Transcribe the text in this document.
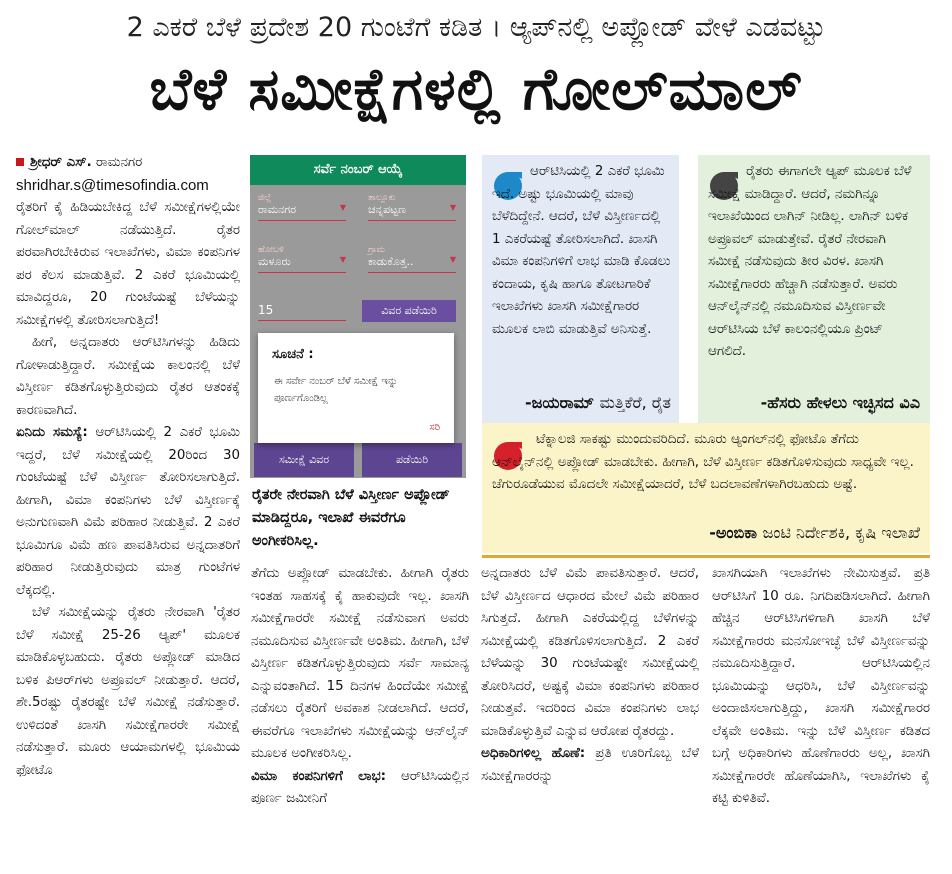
2 ಎಕರೆ ಬೆಳೆ ಪ್ರದೇಶ 20 ಗುಂಟೆಗೆ ಕಡಿತ । ಆ್ಯಪ್‌ನಲ್ಲಿ ಅಪ್ಲೋಡ್ ವೇಳೆ ಎಡವಟ್ಟು
ಬೆಳೆ ಸಮೀಕ್ಷೆಗಳಲ್ಲಿ ಗೋಲ್‌ಮಾಲ್

ಶ್ರೀಧರ್ ಎಸ್. ರಾಮನಗರ

shridhar.s@timesofindia.com

ರೈತರಿಗೆ ಕೈ ಹಿಡಿಯಬೇಕಿದ್ದ ಬೆಳೆ ಸಮೀಕ್ಷೆಗಳಲ್ಲಿಯೇ ಗೋಲ್‌ಮಾಲ್ ನಡೆಯುತ್ತಿದೆ. ರೈತರ ಪರವಾಗಿರಬೇಕಿರುವ ಇಲಾಖೆಗಳು, ವಿಮಾ ಕಂಪನಿಗಳ ಪರ ಕೆಲಸ ಮಾಡುತ್ತಿವೆ. 2 ಎಕರೆ ಭೂಮಿಯಲ್ಲಿ ಮಾವಿದ್ದರೂ, 20 ಗುಂಟೆಯಷ್ಟೆ ಬೆಳೆಯನ್ನು ಸಮೀಕ್ಷೆಗಳಲ್ಲಿ ತೋರಿಸಲಾಗುತ್ತಿದೆ!

ಹೀಗೆ, ಅನ್ನದಾತರು ಆರ್‌ಟಿಸಿಗಳನ್ನು ಹಿಡಿದು ಗೋಳಾಡುತ್ತಿದ್ದಾರೆ. ಸಮೀಕ್ಷೆಯ ಕಾಲಂನಲ್ಲಿ ಬೆಳೆ ವಿಸ್ತೀರ್ಣ ಕಡಿತಗೊಳ್ಳುತ್ತಿರುವುದು ರೈತರ ಆತಂಕಕ್ಕೆ ಕಾರಣವಾಗಿದೆ.

ಏನಿದು ಸಮಸ್ಯೆ: ಆರ್‌ಟಿಸಿಯಲ್ಲಿ 2 ಎಕರೆ ಭೂಮಿ ಇದ್ದರೆ, ಬೆಳೆ ಸಮೀಕ್ಷೆಯಲ್ಲಿ 20ರಿಂದ 30 ಗುಂಟೆಯಷ್ಟೆ ಬೆಳೆ ವಿಸ್ತೀರ್ಣ ತೋರಿಸಲಾಗುತ್ತಿದೆ. ಹೀಗಾಗಿ, ವಿಮಾ ಕಂಪನಿಗಳು ಬೆಳೆ ವಿಸ್ತೀರ್ಣಕ್ಕೆ ಅನುಗುಣವಾಗಿ ವಿಮೆ ಪರಿಹಾರ ನೀಡುತ್ತಿವೆ. 2 ಎಕರೆ ಭೂಮಿಗೂ ವಿಮೆ ಹಣ ಪಾವತಿಸಿರುವ ಅನ್ನದಾತರಿಗೆ ಪರಿಹಾರ ನೀಡುತ್ತಿರುವುದು ಮಾತ್ರ ಗುಂಟೆಗಳ ಲೆಕ್ಕದಲ್ಲಿ.

ಬೆಳೆ ಸಮೀಕ್ಷೆಯನ್ನು ರೈತರು ನೇರವಾಗಿ 'ರೈತರ ಬೆಳೆ ಸಮೀಕ್ಷೆ 25-26 ಆ್ಯಪ್' ಮೂಲಕ ಮಾಡಿಕೊಳ್ಳಬಹುದು. ರೈತರು ಅಪ್ಲೋಡ್ ಮಾಡಿದ ಬಳಿಕ ಪಿಆರ್‌ಗಳು ಅಪ್ರೂವಲ್ ನೀಡುತ್ತಾರೆ. ಆದರೆ, ಶೇ.5ರಷ್ಟು ರೈತರಷ್ಟೇ ಬೆಳೆ ಸಮೀಕ್ಷೆ ನಡೆಸುತ್ತಾರೆ. ಉಳಿದಂತೆ ಖಾಸಗಿ ಸಮೀಕ್ಷೆಗಾರರೇ ಸಮೀಕ್ಷೆ ನಡೆಸುತ್ತಾರೆ. ಮೂರು ಆಯಾಮಗಳಲ್ಲಿ ಭೂಮಿಯ ಫೋಟೊ

ಸರ್ವೆ ನಂಬರ್ ಆಯ್ಕೆ
ಜಿಲ್ಲೆ
ರಾಮನಗರ	▼
ತಾಲ್ಲೂಕು
ಚನ್ನಪಟ್ಟಣ	▼
ಹೋಬಳಿ
ಮಳೂರು	▼
ಗ್ರಾಮ
ಕಾಡುಕೊತ್ತ..	▼
15	ವಿವರ ಪಡೆಯಿರಿ
ಸಮೀಕ್ಷೆ ವಿವರ	ಪಡೆಯಿರಿ
ಸೂಚನೆ :
ಈ ಸರ್ವೇ ನಂಬರ್ ಬೆಳೆ ಸಮೀಕ್ಷೆ ಇನ್ನು ಪೂರ್ಣಗೊಂಡಿಲ್ಲ
ಸರಿ
ರೈತರೇ ನೇರವಾಗಿ ಬೆಳೆ ವಿಸ್ತೀರ್ಣ ಅಪ್ಲೋಡ್ ಮಾಡಿದ್ದರೂ, ಇಲಾಖೆ ಈವರೆಗೂ ಅಂಗೀಕರಿಸಿಲ್ಲ.
ಆರ್‌ಟಿಸಿಯಲ್ಲಿ 2 ಎಕರೆ ಭೂಮಿ ಇದೆ. ಅಷ್ಟು ಭೂಮಿಯಲ್ಲಿ ಮಾವು ಬೆಳೆದಿದ್ದೇನೆ. ಆದರೆ, ಬೆಳೆ ವಿಸ್ತೀರ್ಣದಲ್ಲಿ 1 ಎಕರೆಯಷ್ಟೆ ತೋರಿಸಲಾಗಿದೆ. ಖಾಸಗಿ ವಿಮಾ ಕಂಪನಿಗಳಿಗೆ ಲಾಭ ಮಾಡಿ ಕೊಡಲು ಕಂದಾಯ, ಕೃಷಿ ಹಾಗೂ ತೋಟಗಾರಿಕೆ ಇಲಾಖೆಗಳು ಖಾಸಗಿ ಸಮೀಕ್ಷೆಗಾರರ ಮೂಲಕ ಲಾಬಿ ಮಾಡುತ್ತಿವೆ ಅನಿಸುತ್ತೆ.
-ಜಯರಾಮ್ ಮತ್ತಿಕೆರೆ, ರೈತ
ರೈತರು ಈಗಾಗಲೇ ಆ್ಯಪ್ ಮೂಲಕ ಬೆಳೆ ಸಮೀಕ್ಷೆ ಮಾಡಿದ್ದಾರೆ. ಆದರೆ, ನಮಗಿನ್ನೂ ಇಲಾಖೆಯಿಂದ ಲಾಗಿನ್ ನೀಡಿಲ್ಲ. ಲಾಗಿನ್ ಬಳಿಕ ಅಪ್ರೂವಲ್ ಮಾಡುತ್ತೇವೆ. ರೈತರೆ ನೇರವಾಗಿ ಸಮೀಕ್ಷೆ ನಡೆಸುವುದು ತೀರ ವಿರಳ. ಖಾಸಗಿ ಸಮೀಕ್ಷೆಗಾರರು ಹೆಚ್ಚಾಗಿ ನಡೆಸುತ್ತಾರೆ. ಅವರು ಆನ್‌ಲೈನ್‌ನಲ್ಲಿ ನಮೂದಿಸುವ ವಿಸ್ತೀರ್ಣವೇ ಆರ್‌ಟಿಸಿಯ ಬೆಳೆ ಕಾಲಂನಲ್ಲಿಯೂ ಪ್ರಿಂಟ್ ಆಗಲಿದೆ.
-ಹೆಸರು ಹೇಳಲು ಇಚ್ಛಿಸದ ವಿಎ
ಟೆಕ್ನಾಲಜಿ ಸಾಕಷ್ಟು ಮುಂದುವರಿದಿದೆ. ಮೂರು ಆ್ಯಂಗಲ್‌ನಲ್ಲಿ ಫೋಟೊ ತೆಗೆದು ಆನ್‌ಲೈನ್‌ನಲ್ಲಿ ಅಪ್ಲೋಡ್ ಮಾಡಬೇಕು. ಹೀಗಾಗಿ, ಬೆಳೆ ವಿಸ್ತೀರ್ಣ ಕಡಿತಗೊಳಿಸುವುದು ಸಾಧ್ಯವೇ ಇಲ್ಲ. ಚೆಗುರೂಡೆಯುವ ಮೊದಲೇ ಸಮೀಕ್ಷೆಯಾದರೆ, ಬೆಳೆ ಬದಲಾವಣೆಗಳಾಗಿರಬಹುದು ಅಷ್ಟೆ.
-ಅಂಬಿಕಾ ಜಂಟಿ ನಿರ್ದೇಶಕಿ, ಕೃಷಿ ಇಲಾಖೆ

ತೆಗೆದು ಅಪ್ಲೋಡ್ ಮಾಡಬೇಕು. ಹೀಗಾಗಿ ರೈತರು ಇಂತಹ ಸಾಹಸಕ್ಕೆ ಕೈ ಹಾಕುವುದೇ ಇಲ್ಲ. ಖಾಸಗಿ ಸಮೀಕ್ಷೆಗಾರರೇ ಸಮೀಕ್ಷೆ ನಡೆಸುವಾಗ ಅವರು ನಮೂದಿಸುವ ವಿಸ್ತೀರ್ಣವೇ ಅಂತಿಮ. ಹೀಗಾಗಿ, ಬೆಳೆ ವಿಸ್ತೀರ್ಣ ಕಡಿತಗೊಳ್ಳುತ್ತಿರುವುದು ಸರ್ವೆ ಸಾಮಾನ್ಯ ಎನ್ನುವಂತಾಗಿದೆ. 15 ದಿನಗಳ ಹಿಂದೆಯೇ ಸಮೀಕ್ಷೆ ನಡೆಸಲು ರೈತರಿಗೆ ಅವಕಾಶ ನೀಡಲಾಗಿದೆ. ಆದರೆ, ಈವರೆಗೂ ಇಲಾಖೆಗಳು ಸಮೀಕ್ಷೆಯನ್ನು ಆನ್‌ಲೈನ್ ಮೂಲಕ ಅಂಗೀಕರಿಸಿಲ್ಲ.

ವಿಮಾ ಕಂಪನಿಗಳಿಗೆ ಲಾಭ: ಆರ್‌ಟಿಸಿಯಲ್ಲಿನ ಪೂರ್ಣ ಜಮೀನಿಗೆ

ಅನ್ನದಾತರು ಬೆಳೆ ವಿಮೆ ಪಾವತಿಸುತ್ತಾರೆ. ಆದರೆ, ಬೆಳೆ ವಿಸ್ತೀರ್ಣದ ಆಧಾರದ ಮೇಲೆ ವಿಮೆ ಪರಿಹಾರ ಸಿಗುತ್ತದೆ. ಹೀಗಾಗಿ ಎಕರೆಯಲ್ಲಿದ್ದ ಬೆಳೆಗಳನ್ನು ಸಮೀಕ್ಷೆಯಲ್ಲಿ ಕಡಿತಗೊಳಿಸಲಾಗುತ್ತಿದೆ. 2 ಎಕರೆ ಬೆಳೆಯನ್ನು 30 ಗುಂಟೆಯಷ್ಟೇ ಸಮೀಕ್ಷೆಯಲ್ಲಿ ತೋರಿಸಿದರೆ, ಅಷ್ಟಕ್ಕೆ ವಿಮಾ ಕಂಪನಿಗಳು ಪರಿಹಾರ ನೀಡುತ್ತವೆ. ಇದರಿಂದ ವಿಮಾ ಕಂಪನಿಗಳು ಲಾಭ ಮಾಡಿಕೊಳ್ಳುತ್ತಿವೆ ಎನ್ನುವ ಆರೋಪ ರೈತರದ್ದು.

ಅಧಿಕಾರಿಗಳಿಲ್ಲ ಹೊಣೆ: ಪ್ರತಿ ಊರಿಗೊಬ್ಬ ಬೆಳೆ ಸಮೀಕ್ಷೆಗಾರರನ್ನು

ಖಾಸಗಿಯಾಗಿ ಇಲಾಖೆಗಳು ನೇಮಿಸುತ್ತವೆ. ಪ್ರತಿ ಆರ್‌ಟಿಸಿಗೆ 10 ರೂ. ನಿಗದಿಪಡಿಸಲಾಗಿದೆ. ಹೀಗಾಗಿ ಹೆಚ್ಚಿನ ಆರ್‌ಟಿಸಿಗಳಿಗಾಗಿ ಖಾಸಗಿ ಬೆಳೆ ಸಮೀಕ್ಷೆಗಾರರು ಮನಸೋಇಚ್ಛೆ ಬೆಳೆ ವಿಸ್ತೀರ್ಣವನ್ನು ನಮೂದಿಸುತ್ತಿದ್ದಾರೆ. ಆರ್‌ಟಿಸಿಯಲ್ಲಿನ ಭೂಮಿಯನ್ನು ಆಧರಿಸಿ, ಬೆಳೆ ವಿಸ್ತೀರ್ಣವನ್ನು ಅಂದಾಜಿಸಲಾಗುತ್ತಿದ್ದು, ಖಾಸಗಿ ಸಮೀಕ್ಷೆಗಾರರ ಲೆಕ್ಕವೇ ಅಂತಿಮ. ಇನ್ನು ಬೆಳೆ ವಿಸ್ತೀರ್ಣ ಕಡಿತದ ಬಗ್ಗೆ ಅಧಿಕಾರಿಗಳು ಹೊಣೆಗಾರರು ಅಲ್ಲ, ಖಾಸಗಿ ಸಮೀಕ್ಷೆಗಾರರೇ ಹೊಣೆಯಾಗಿಸಿ, ಇಲಾಖೆಗಳು ಕೈ ಕಟ್ಟಿ ಕುಳಿತಿವೆ.
